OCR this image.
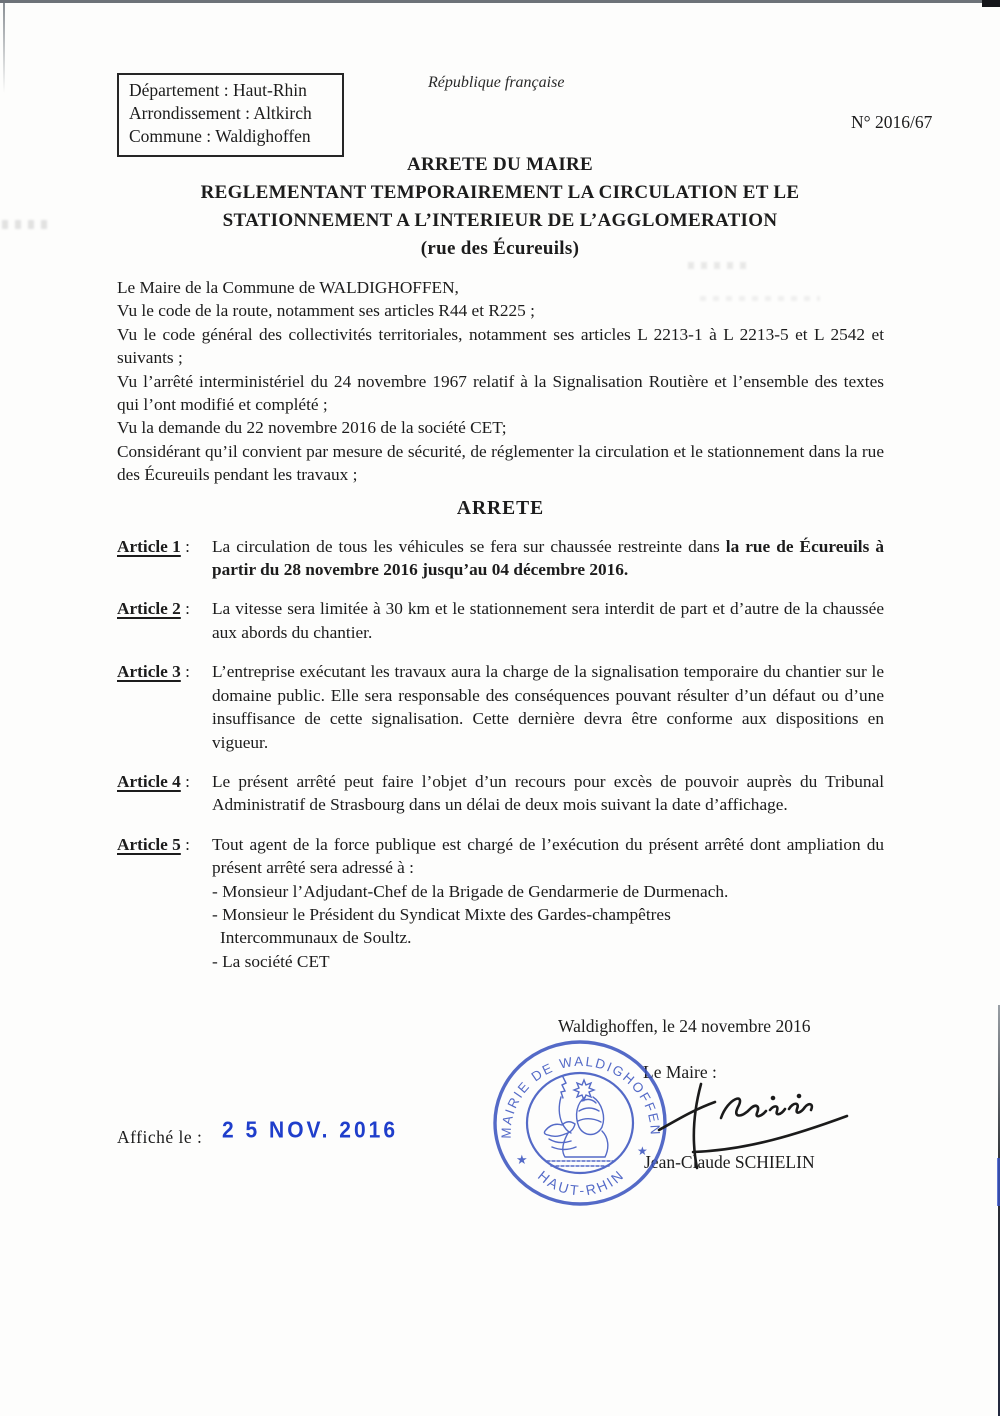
Département : Haut-Rhin
Arrondissement : Altkirch
Commune : Waldighoffen
République française
N° 2016/67
ARRETE DU MAIRE
REGLEMENTANT TEMPORAIREMENT LA CIRCULATION ET LE
STATIONNEMENT A L’INTERIEUR DE L’AGGLOMERATION
(rue des Écureuils)
Le Maire de la Commune de WALDIGHOFFEN,
Vu le code de la route, notamment ses articles R44 et R225 ;
Vu le code général des collectivités territoriales, notamment ses articles L 2213-1 à L 2213-5 et L 2542 et suivants ;
Vu l’arrêté interministériel du 24 novembre 1967 relatif à la Signalisation Routière et l’ensemble des textes qui l’ont modifié et complété ;
Vu la demande du 22 novembre 2016 de la société CET;
Considérant qu’il convient par mesure de sécurité, de réglementer la circulation et le stationnement dans la rue des Écureuils pendant les travaux ;
ARRETE
Article 1 :	La circulation de tous les véhicules se fera sur chaussée restreinte dans la rue de Écureuils à partir du 28 novembre 2016 jusqu’au 04 décembre 2016.
Article 2 :	La vitesse sera limitée à 30 km et le stationnement sera interdit de part et d’autre de la chaussée aux abords du chantier.
Article 3 :	L’entreprise exécutant les travaux aura la charge de la signalisation temporaire du chantier sur le domaine public. Elle sera responsable des conséquences pouvant résulter d’un défaut ou d’une insuffisance de cette signalisation. Cette dernière devra être conforme aux dispositions en vigueur.
Article 4 :	Le présent arrêté peut faire l’objet d’un recours pour excès de pouvoir auprès du Tribunal Administratif de Strasbourg dans un délai de deux mois suivant la date d’affichage.
Article 5 :	Tout agent de la force publique est chargé de l’exécution du présent arrêté dont ampliation du présent arrêté sera adressé à :
- Monsieur l’Adjudant-Chef de la Brigade de Gendarmerie de Durmenach.
- Monsieur le Président du Syndicat Mixte des Gardes-champêtres
Intercommunaux de Soultz.
- La société CET
Waldighoffen, le 24 novembre 2016
Le Maire :
Jean-Claude SCHIELIN
Affiché le : 2 5 NOV. 2016	MAIRIE DE WALDIGHOFFEN
HAUT-RHIN
★
★
